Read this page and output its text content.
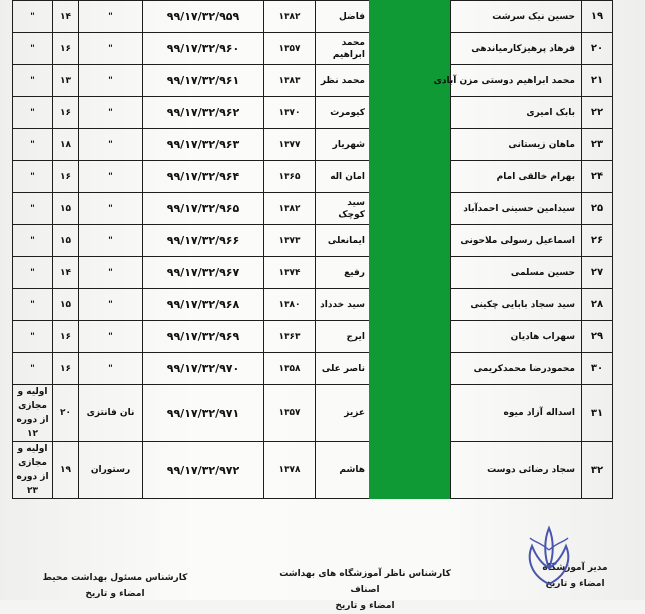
۱۹	حسین نیک سرشت		فاضل	۱۳۸۲	۹۹/۱۷/۳۲/۹۵۹	"	۱۴	"
۲۰	فرهاد پرهیزکارمیاندهی		محمد ابراهیم	۱۳۵۷	۹۹/۱۷/۳۲/۹۶۰	"	۱۶	"
۲۱	محمد ابراهیم دوستی مزن آبادی		محمد نظر	۱۳۸۳	۹۹/۱۷/۳۲/۹۶۱	"	۱۳	"
۲۲	بابک امیری		کیومرث	۱۳۷۰	۹۹/۱۷/۳۲/۹۶۲	"	۱۶	"
۲۳	ماهان زیستانی		شهریار	۱۳۷۷	۹۹/۱۷/۳۲/۹۶۳	"	۱۸	"
۲۴	بهرام خالقی امام		امان اله	۱۳۶۵	۹۹/۱۷/۳۲/۹۶۴	"	۱۶	"
۲۵	سیدامین حسینی احمدآباد		سید کوچک	۱۳۸۲	۹۹/۱۷/۳۲/۹۶۵	"	۱۵	"
۲۶	اسماعیل رسولی ملاحونی		ایمانعلی	۱۳۷۳	۹۹/۱۷/۳۲/۹۶۶	"	۱۵	"
۲۷	حسین مسلمی		رفیع	۱۳۷۴	۹۹/۱۷/۳۲/۹۶۷	"	۱۴	"
۲۸	سید سجاد بابایی چکینی		سید خدداد	۱۳۸۰	۹۹/۱۷/۳۲/۹۶۸	"	۱۵	"
۲۹	سهراب هادیان		ایرج	۱۳۶۳	۹۹/۱۷/۳۲/۹۶۹	"	۱۶	"
۳۰	محمودرضا محمدکریمی		ناصر علی	۱۳۵۸	۹۹/۱۷/۳۲/۹۷۰	"	۱۶	"
۳۱	اسداله آزاد میوه		عزیز	۱۳۵۷	۹۹/۱۷/۳۲/۹۷۱	نان فانتزی	۲۰	اولیه و مجازی از دوره ۱۲
۳۲	سجاد رضائی دوست		هاشم	۱۳۷۸	۹۹/۱۷/۳۲/۹۷۲	رستوران	۱۹	اولیه و مجازی از دوره ۲۳
کارشناس مسئول بهداشت محیط
امضاء و تاریخ
کارشناس ناظر آموزشگاه های بهداشت اصناف
امضاء و تاریخ
مدیر آموزشگاه
امضاء و تاریخ
